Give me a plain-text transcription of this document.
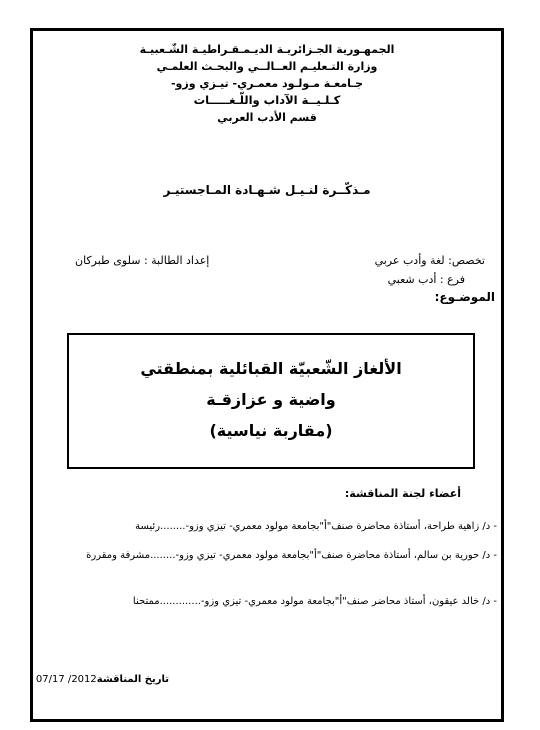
الجمهـورية الجـزائريـة الديـمـقـراطيـة الشّـعبيـة
وزارة التـعليـم العــالــي والبحـث العلمـي
جـامعـة مـولـود معمـري- تيـزي وزو-
كـلـيــة الآداب واللّـغـــــات
قسم الأدب العربي
مـذكّــرة لنـيـل شـهـادة المـاجستيـر
تخصص: لغة وأدب عربي
إعداد الطالبة : سلوى طبركان
فرع : أدب شعبي
الموضـوع:
الألغاز الشّعبيّة القبائلية بمنطقتي
واضية و عزازقـة
(مقاربة نياسية)
أعضاء لجنة المناقشة:
- د/ زاهية طراحة، أستاذة محاضرة صنف"أ"بجامعة مولود معمري- تيزي وزو-........رئيسة
- د/ حورية بن سالم، أستاذة محاضرة صنف"أ"بجامعة مولود معمري- تيزي وزو-........مشرفة ومقررة
- د/ خالد عيقون، أستاذ محاضر صنف"أ"بجامعة مولود معمري- تيزي وزو-.............ممتحنا
تاريخ المناقشة2012/ 07/17
